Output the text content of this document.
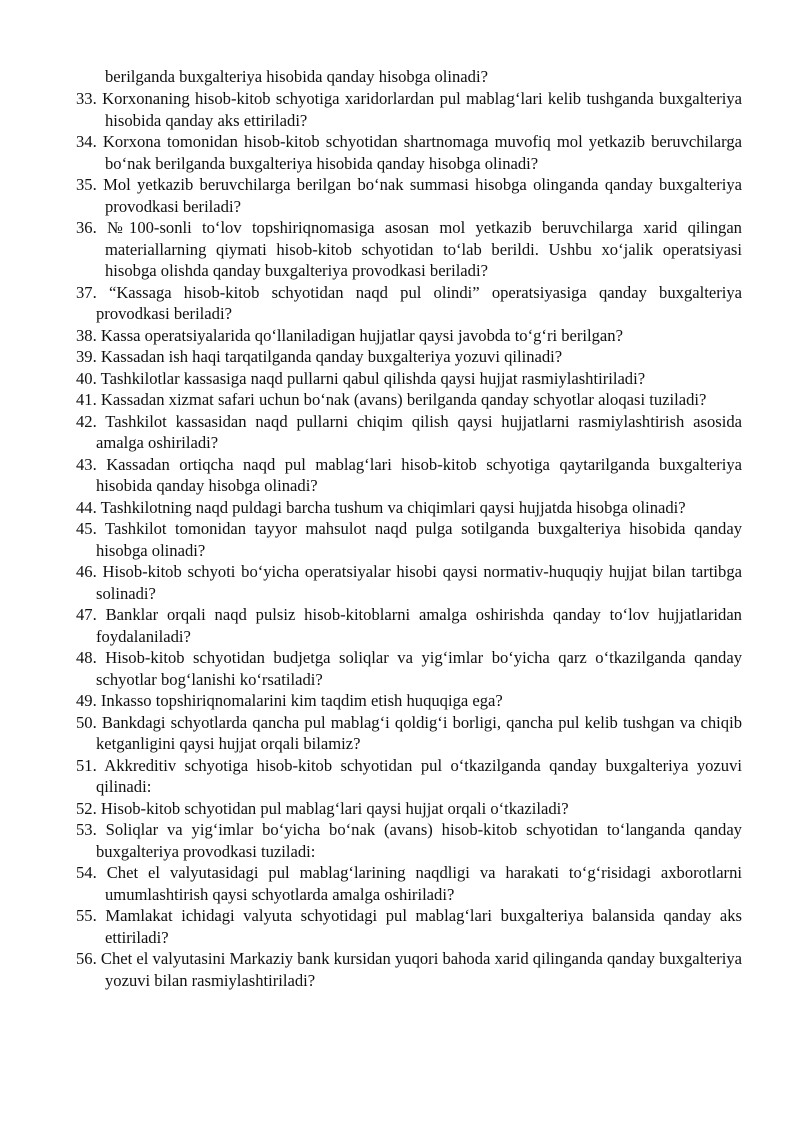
berilganda buxgalteriya hisobida qanday hisobga olinadi?
33. Korxonaning hisob-kitob schyotiga xaridorlardan pul mablag‘lari kelib tushganda buxgalteriya hisobida qanday aks ettiriladi?
34. Korxona tomonidan hisob-kitob schyotidan shartnomaga muvofiq mol yetkazib beruvchilarga bo‘nak berilganda buxgalteriya hisobida qanday hisobga olinadi?
35. Mol yetkazib beruvchilarga berilgan bo‘nak summasi hisobga olinganda qanday buxgalteriya provodkasi beriladi?
36. №100-sonli to‘lov topshiriqnomasiga asosan mol yetkazib beruvchilarga xarid qilingan materiallarning qiymati hisob-kitob schyotidan to‘lab berildi. Ushbu xo‘jalik operatsiyasi hisobga olishda qanday buxgalteriya provodkasi beriladi?
37. “Kassaga hisob-kitob schyotidan naqd pul olindi” operatsiyasiga qanday buxgalteriya provodkasi beriladi?
38. Kassa operatsiyalarida qo‘llaniladigan hujjatlar qaysi javobda to‘g‘ri berilgan?
39. Kassadan ish haqi tarqatilganda qanday buxgalteriya yozuvi qilinadi?
40. Tashkilotlar kassasiga naqd pullarni qabul qilishda qaysi hujjat rasmiylashtiriladi?
41. Kassadan xizmat safari uchun bo‘nak (avans) berilganda qanday schyotlar aloqasi tuziladi?
42. Tashkilot kassasidan naqd pullarni chiqim qilish qaysi hujjatlarni rasmiylashtirish asosida amalga oshiriladi?
43. Kassadan ortiqcha naqd pul mablag‘lari hisob-kitob schyotiga qaytarilganda buxgalteriya hisobida qanday hisobga olinadi?
44. Tashkilotning naqd puldagi barcha tushum va chiqimlari qaysi hujjatda hisobga olinadi?
45. Tashkilot tomonidan tayyor mahsulot naqd pulga sotilganda buxgalteriya hisobida qanday hisobga olinadi?
46. Hisob-kitob schyoti bo‘yicha operatsiyalar hisobi qaysi normativ-huquqiy hujjat bilan tartibga solinadi?
47. Banklar orqali naqd pulsiz hisob-kitoblarni amalga oshirishda qanday to‘lov hujjatlaridan foydalaniladi?
48. Hisob-kitob schyotidan budjetga soliqlar va yig‘imlar bo‘yicha qarz o‘tkazilganda qanday schyotlar bog‘lanishi ko‘rsatiladi?
49. Inkasso topshiriqnomalarini kim taqdim etish huquqiga ega?
50. Bankdagi schyotlarda qancha pul mablag‘i qoldig‘i borligi, qancha pul kelib tushgan va chiqib ketganligini qaysi hujjat orqali bilamiz?
51. Akkreditiv schyotiga hisob-kitob schyotidan pul o‘tkazilganda qanday buxgalteriya yozuvi qilinadi:
52. Hisob-kitob schyotidan pul mablag‘lari qaysi hujjat orqali o‘tkaziladi?
53. Soliqlar va yig‘imlar bo‘yicha bo‘nak (avans) hisob-kitob schyotidan to‘langanda qanday buxgalteriya provodkasi tuziladi:
54. Chet el valyutasidagi pul mablag‘larining naqdligi va harakati to‘g‘risidagi axborotlarni umumlashtirish qaysi schyotlarda amalga oshiriladi?
55. Mamlakat ichidagi valyuta schyotidagi pul mablag‘lari buxgalteriya balansida qanday aks ettiriladi?
56. Chet el valyutasini Markaziy bank kursidan yuqori bahoda xarid qilinganda qanday buxgalteriya yozuvi bilan rasmiylashtiriladi?
